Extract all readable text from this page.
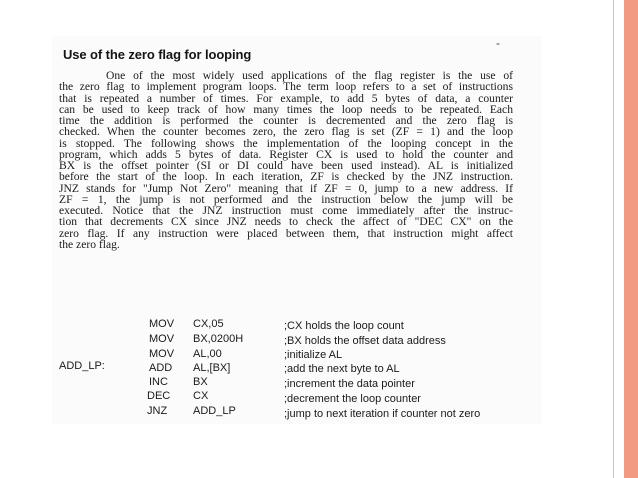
Use of the zero flag for looping
-
One of the most widely used applications of the flag register is the use of
the zero flag to implement program loops. The term loop refers to a set of instructions
that is repeated a number of times. For example, to add 5 bytes of data, a counter
can be used to keep track of how many times the loop needs to be repeated. Each
time the addition is performed the counter is decremented and the zero flag is
checked. When the counter becomes zero, the zero flag is set (ZF = 1) and the loop
is stopped. The following shows the implementation of the looping concept in the
program, which adds 5 bytes of data. Register CX is used to hold the counter and
BX is the offset pointer (SI or DI could have been used instead). AL is initialized
before the start of the loop. In each iteration, ZF is checked by the JNZ instruction.
JNZ stands for "Jump Not Zero" meaning that if ZF = 0, jump to a new address. If
ZF = 1, the jump is not performed and the instruction below the jump will be
executed. Notice that the JNZ instruction must come immediately after the instruc-
tion that decrements CX since JNZ needs to check the affect of "DEC CX" on the
zero flag. If any instruction were placed between them, that instruction might affect
the zero flag.
MOV CX,05	;CX holds the loop count
MOV BX,0200H	;BX holds the offset data address
MOV AL,00	;initialize AL
ADD_LP:	ADD AL,[BX]	;add the next byte to AL
INC BX	;increment the data pointer
DEC CX	;decrement the loop counter
JNZ ADD_LP	;jump to next iteration if counter not zero
